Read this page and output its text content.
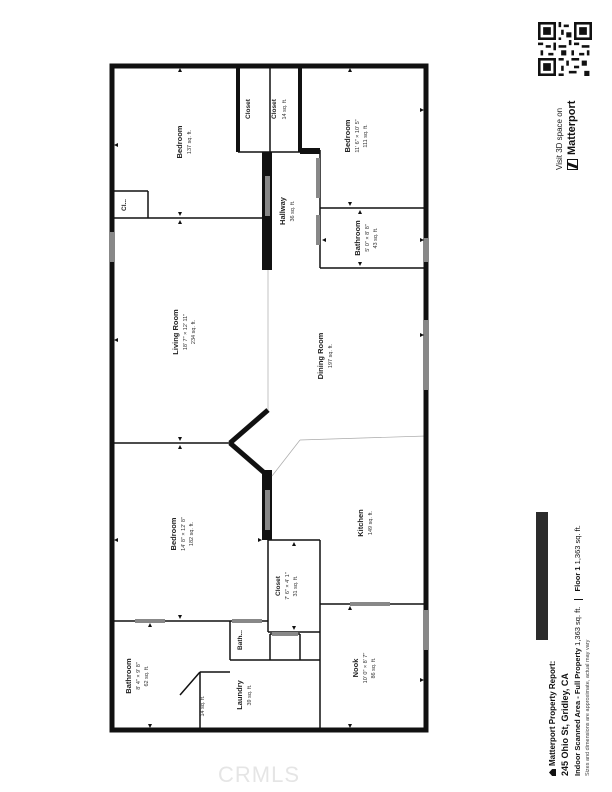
Bedroom 137 sq. ft.
Closet	Closet 14 sq. ft.
Bedroom 11' 6" × 10' 5" 111 sq. ft.
Cl...	Hallway 36 sq. ft.
Bathroom 5' 0" × 8' 8" 43 sq. ft.
Living Room 18' 7" × 12' 11" 234 sq. ft.
Dining Room 197 sq. ft.
Bedroom 14' 8" × 12' 8" 182 sq. ft.	Kitchen 149 sq. ft.
Closet 7' 6" × 4' 1" 31 sq. ft.
Bathroom 8' 4" × 9' 8" 62 sq. ft.
Bath...
14 sq. ft.	Laundry 39 sq. ft.
Nook 10' 0" × 8' 7" 86 sq. ft.
Visit 3D space on Matterport
Matterport Property Report: 245 Ohio St, Gridley, CA Indoor Scanned Area - Full Property 1,363 sq. ft.  Floor 1 1,363 sq. ft.
Sizes and dimensions are approximate, actual may vary
CRMLS
